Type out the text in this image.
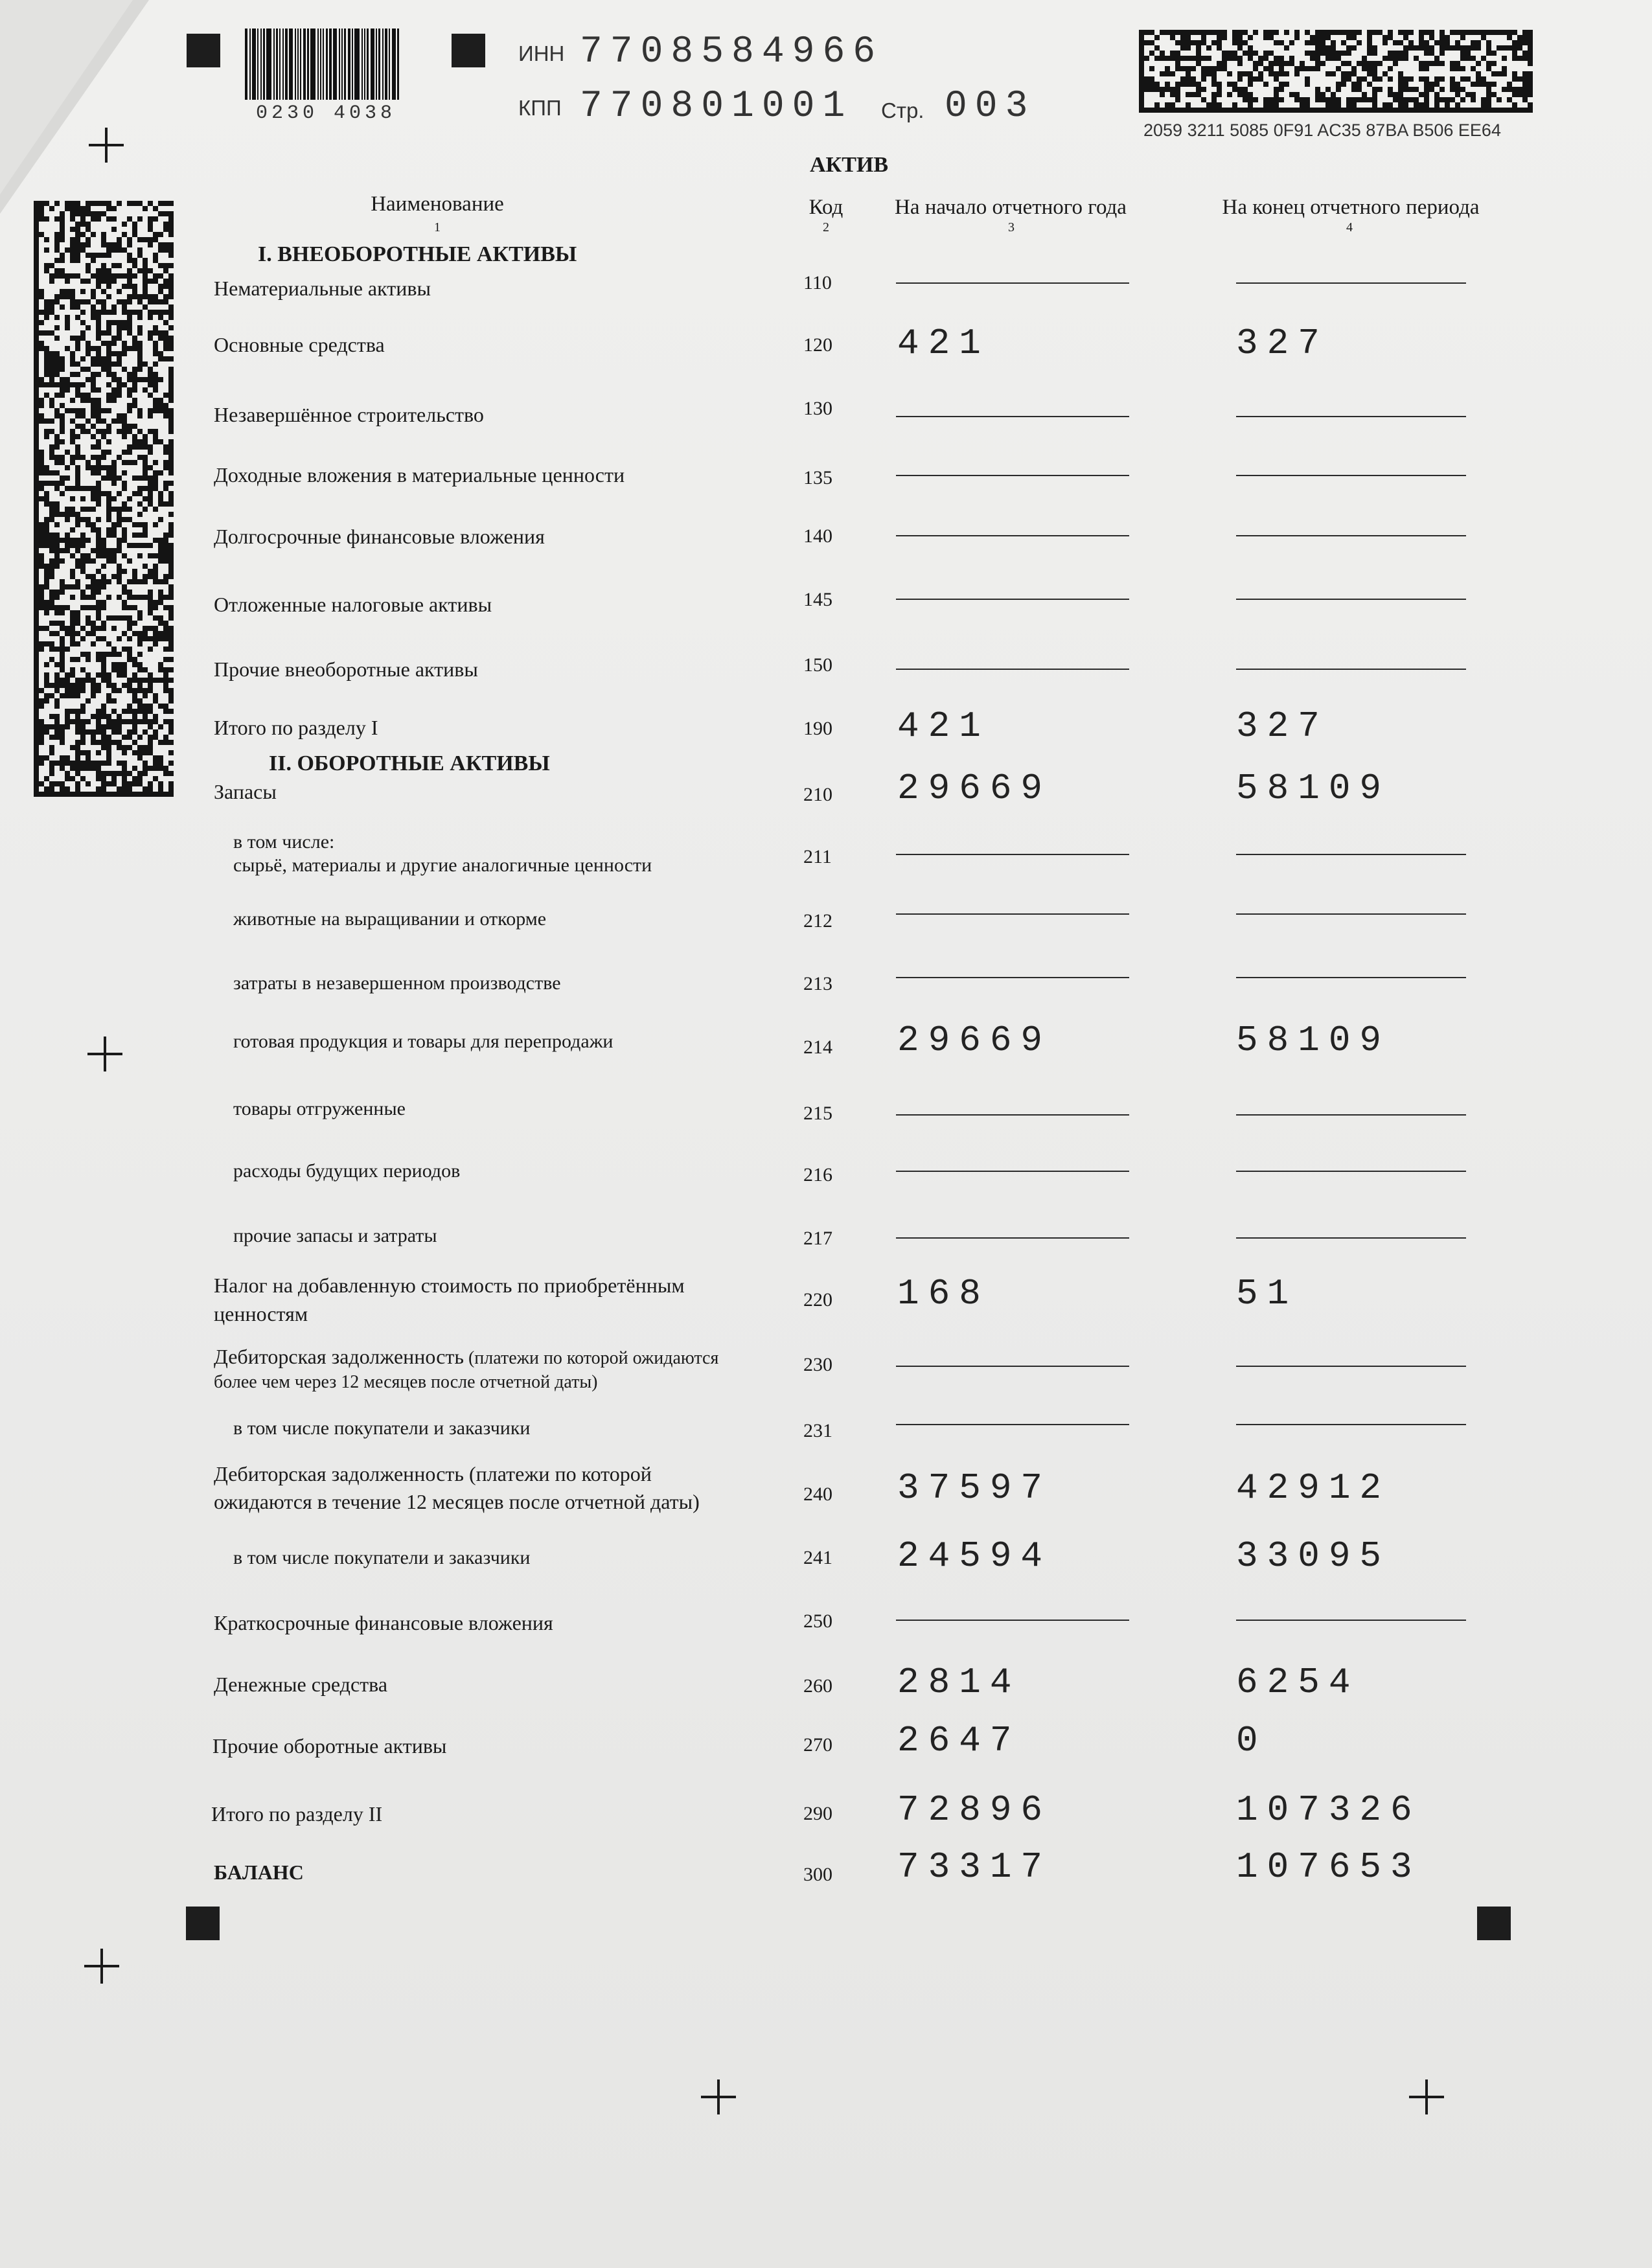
0230 4038
ИНН 7708584966
КПП 770801001 Стр. 003
2059 3211 5085 0F91 AC35 87BA B506 EE64
АКТИВ
Наименование
1
Код
2
На начало отчетного года
3
На конец отчетного периода
4
I. ВНЕОБОРОТНЫЕ АКТИВЫ
II. ОБОРОТНЫЕ АКТИВЫ
Нематериальные активы	110
Основные средства	120	421	327
Незавершённое строительство	130
Доходные вложения в материальные ценности	135
Долгосрочные финансовые вложения	140
Отложенные налоговые активы	145
Прочие внеоборотные активы	150
Итого по разделу I	190	421	327
Запасы	210	29669	58109
в том числе:
сырьё, материалы и другие аналогичные ценности	211
животные на выращивании и откорме	212
затраты в незавершенном производстве	213
готовая продукция и товары для перепродажи	214	29669	58109
товары отгруженные	215
расходы будущих периодов	216
прочие запасы и затраты	217
Налог на добавленную стоимость по приобретённым
ценностям
220	168	51
Дебиторская задолженность (платежи по которой ожидаются
более чем через 12 месяцев после отчетной даты)
230
в том числе покупатели и заказчики	231
Дебиторская задолженность (платежи по которой
ожидаются в течение 12 месяцев после отчетной даты)	240	37597	42912
в том числе покупатели и заказчики	241	24594	33095
Краткосрочные финансовые вложения	250
Денежные средства	260	2814	6254
Прочие оборотные активы	270	2647	0
Итого по разделу II	290	72896	107326
БАЛАНС	300	73317	107653
